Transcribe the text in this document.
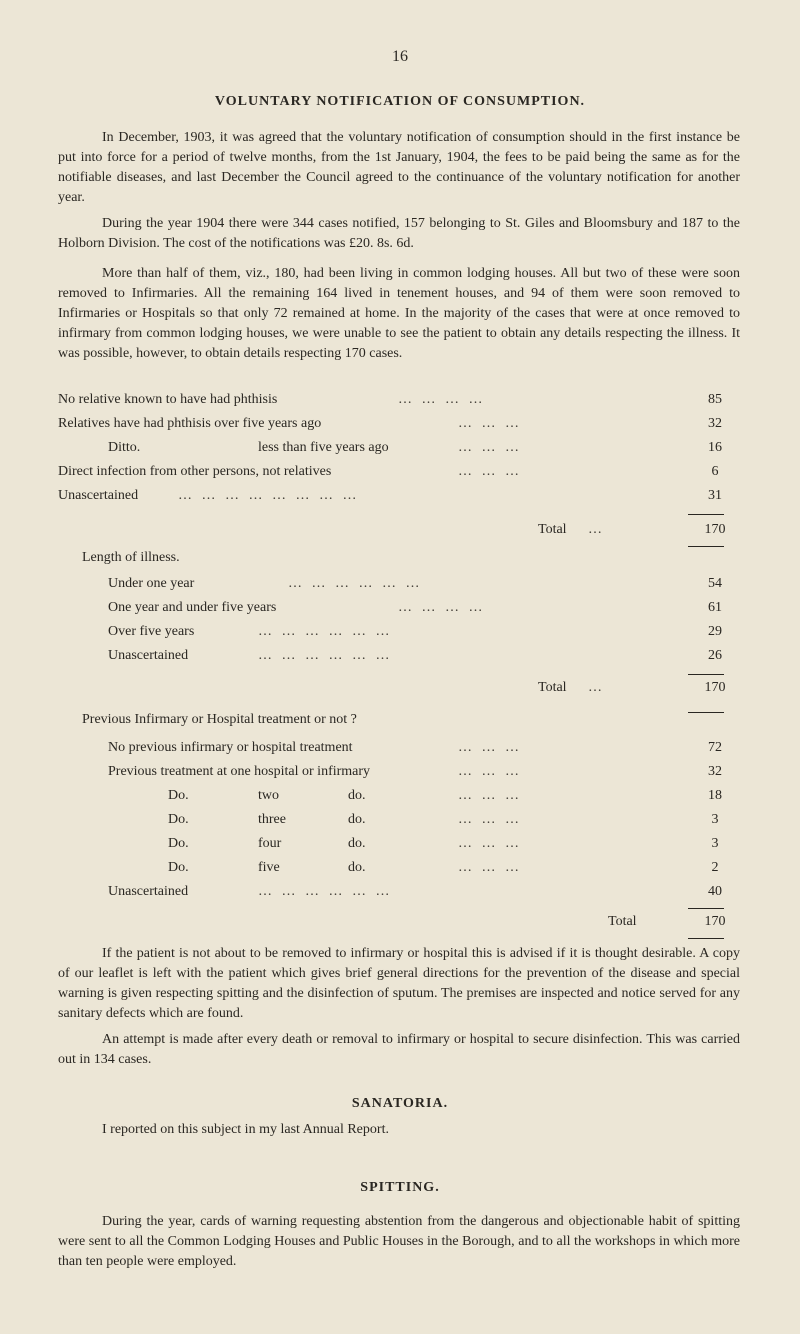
16
VOLUNTARY NOTIFICATION OF CONSUMPTION.
In December, 1903, it was agreed that the voluntary notification of consumption should in the first instance be put into force for a period of twelve months, from the 1st January, 1904, the fees to be paid being the same as for the notifiable diseases, and last December the Council agreed to the continuance of the voluntary notification for another year.
During the year 1904 there were 344 cases notified, 157 belonging to St. Giles and Bloomsbury and 187 to the Holborn Division. The cost of the notifications was £20. 8s. 6d.
More than half of them, viz., 180, had been living in common lodging houses. All but two of these were soon removed to Infirmaries. All the remaining 164 lived in tenement houses, and 94 of them were soon removed to Infirmaries or Hospitals so that only 72 remained at home. In the majority of the cases that were at once removed to infirmary from common lodging houses, we were unable to see the patient to obtain any details respecting the illness. It was possible, however, to obtain details respecting 170 cases.
No relative known to have had phthisis	… … … …	85
Relatives have had phthisis over five years ago	… … …	32
Ditto.	less than five years ago	… … …	16
Direct infection from other persons, not relatives	… … …	6
Unascertained	… … … … … … … …	31
Total …	170
Length of illness.
Under one year	… … … … … …	54
One year and under five years	… … … …	61
Over five years	… … … … … …	29
Unascertained	… … … … … …	26
Total …	170
Previous Infirmary or Hospital treatment or not ?
No previous infirmary or hospital treatment	… … …	72
Previous treatment at one hospital or infirmary	… … …	32
Do.	two	do.	… … …	18
Do.	three	do.	… … …	3
Do.	four	do.	… … …	3
Do.	five	do.	… … …	2
Unascertained	… … … … … …	40
Total	170
If the patient is not about to be removed to infirmary or hospital this is advised if it is thought desirable. A copy of our leaflet is left with the patient which gives brief general directions for the prevention of the disease and special warning is given respecting spitting and the disinfection of sputum. The premises are inspected and notice served for any sanitary defects which are found.
An attempt is made after every death or removal to infirmary or hospital to secure disinfection. This was carried out in 134 cases.
SANATORIA.
I reported on this subject in my last Annual Report.
SPITTING.
During the year, cards of warning requesting abstention from the dangerous and objectionable habit of spitting were sent to all the Common Lodging Houses and Public Houses in the Borough, and to all the workshops in which more than ten people were employed.
